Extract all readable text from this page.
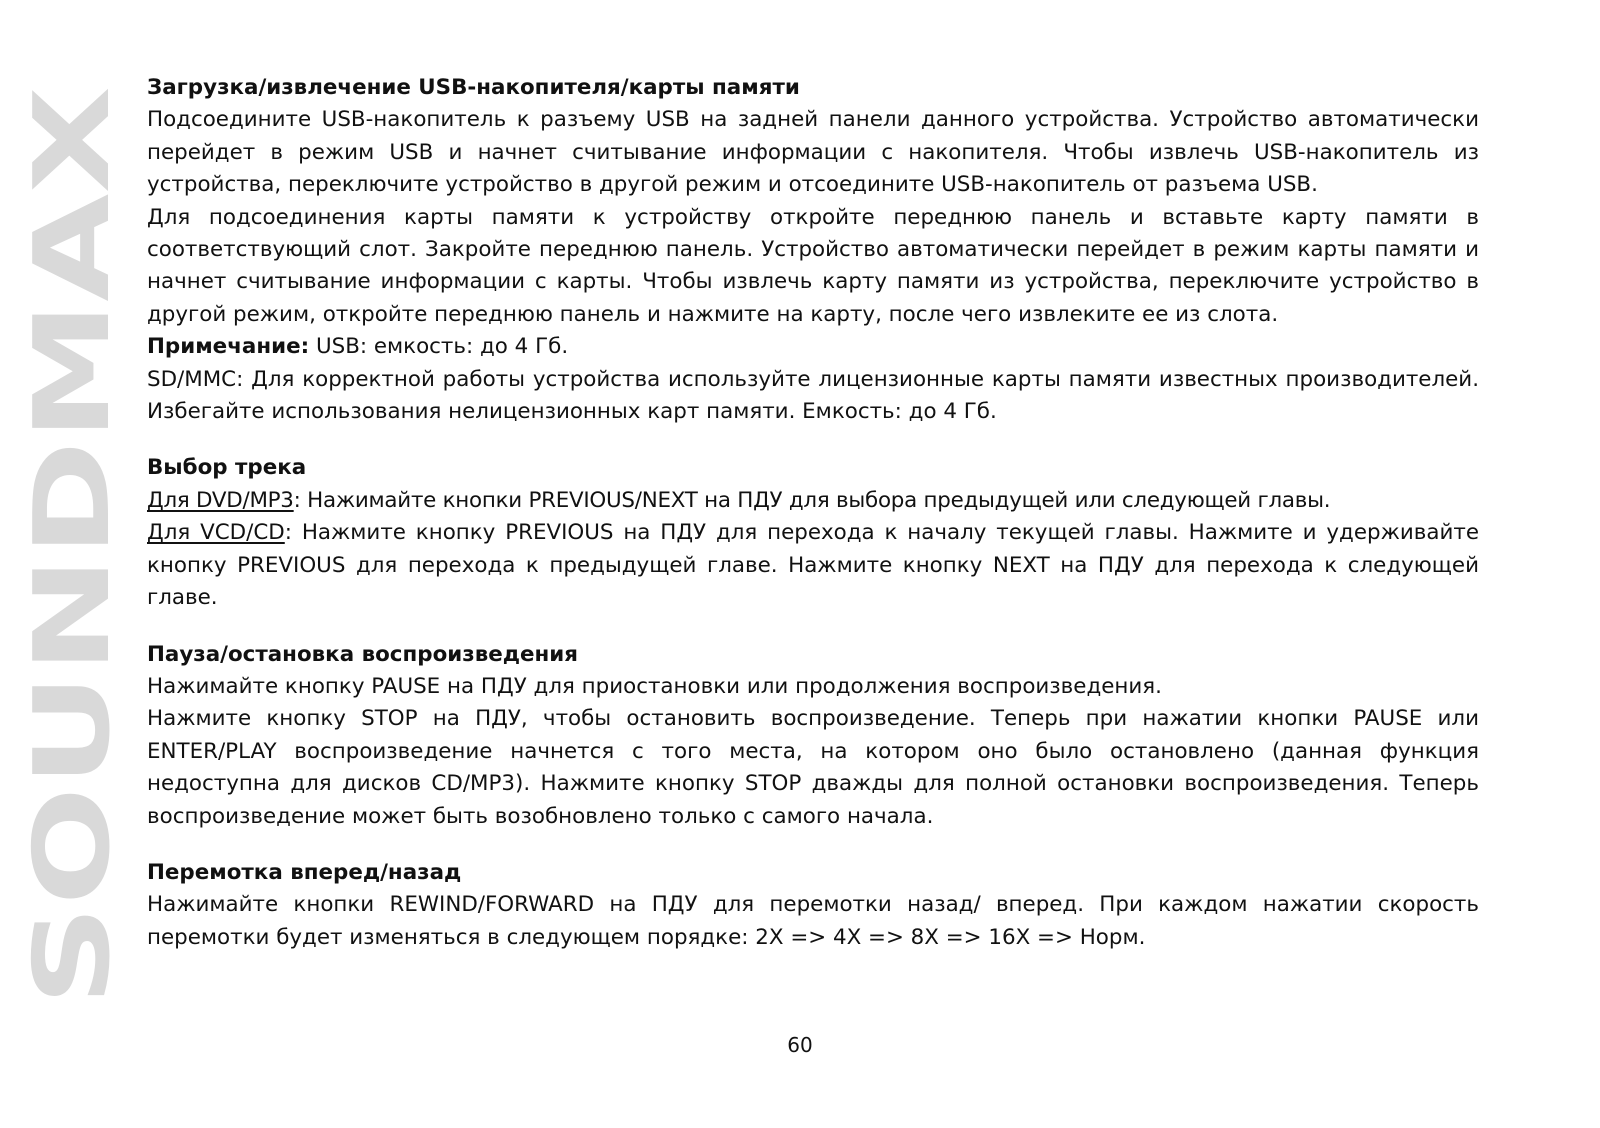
SOUNDMAX

Загрузка/извлечение USB-накопителя/карты памяти

Подсоедините USB-накопитель к разъему USB на задней панели данного устройства. Устройство автоматически перейдет в режим USB и начнет считывание информации с накопителя. Чтобы извлечь USB-накопитель из устройства, переключите устройство в другой режим и отсоедините USB-накопитель от разъема USB.

Для подсоединения карты памяти к устройству откройте переднюю панель и вставьте карту памяти в соответствующий слот. Закройте переднюю панель. Устройство автоматически перейдет в режим карты памяти и начнет считывание информации с карты. Чтобы извлечь карту памяти из устройства, переключите устройство в другой режим, откройте переднюю панель и нажмите на карту, после чего извлеките ее из слота.

Примечание: USB: емкость: до 4 Гб.

SD/MMC: Для корректной работы устройства используйте лицензионные карты памяти известных производителей. Избегайте использования нелицензионных карт памяти. Емкость: до 4 Гб.

Выбор трека

Для DVD/MP3: Нажимайте кнопки PREVIOUS/NEXT на ПДУ для выбора предыдущей или следующей главы.

Для VCD/CD: Нажмите кнопку PREVIOUS на ПДУ для перехода к началу текущей главы. Нажмите и удерживайте кнопку PREVIOUS для перехода к предыдущей главе. Нажмите кнопку NEXT на ПДУ для перехода к следующей главе.

Пауза/остановка воспроизведения

Нажимайте кнопку PAUSE на ПДУ для приостановки или продолжения воспроизведения.

Нажмите кнопку STOP на ПДУ, чтобы остановить воспроизведение. Теперь при нажатии кнопки PAUSE или ENTER/PLAY воспроизведение начнется с того места, на котором оно было остановлено (данная функция недоступна для дисков CD/MP3). Нажмите кнопку STOP дважды для полной остановки воспроизведения. Теперь воспроизведение может быть возобновлено только с самого начала.

Перемотка вперед/назад

Нажимайте кнопки REWIND/FORWARD на ПДУ для перемотки назад/ вперед. При каждом нажатии скорость перемотки будет изменяться в следующем порядке: 2X => 4X => 8X => 16X => Норм.

60
